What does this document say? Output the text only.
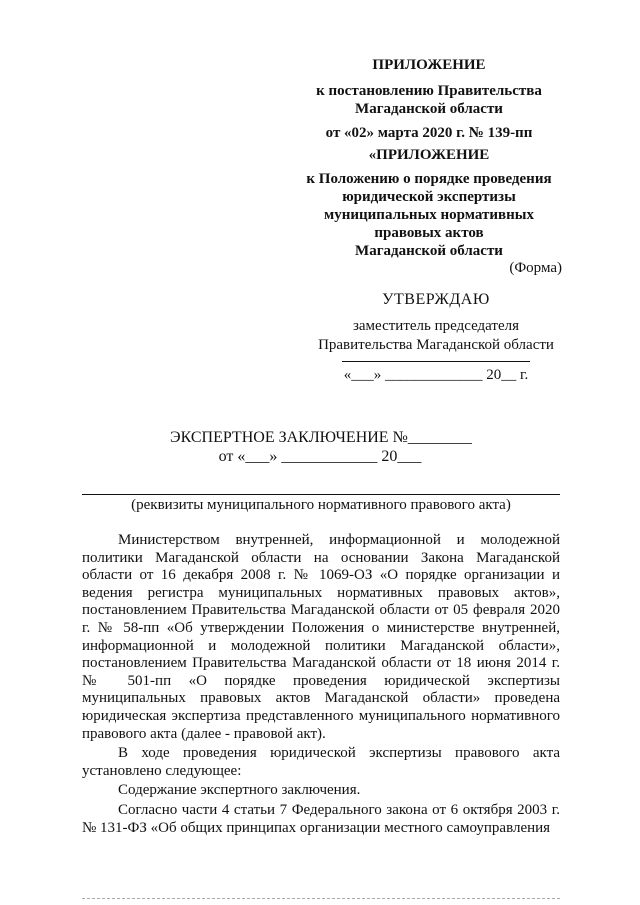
ПРИЛОЖЕНИЕ
к постановлению Правительства
Магаданской области
от «02» марта 2020 г. № 139-пп
«ПРИЛОЖЕНИЕ
к Положению о порядке проведения
юридической экспертизы
муниципальных нормативных
правовых актов
Магаданской области
(Форма)
УТВЕРЖДАЮ
заместитель председателя
Правительства Магаданской области
«___» _____________ 20__ г.
ЭКСПЕРТНОЕ ЗАКЛЮЧЕНИЕ №________
от «___» ____________ 20___
(реквизиты муниципального нормативного правового акта)

Министерством внутренней, информационной и молодежной политики Магаданской области на основании Закона Магаданской области от 16 декабря 2008 г. № 1069-ОЗ «О порядке организации и ведения регистра муниципальных нормативных правовых актов», постановлением Правительства Магаданской области от 05 февраля 2020 г. № 58-пп «Об утверждении Положения о министерстве внутренней, информационной и молодежной политики Магаданской области», постановлением Правительства Магаданской области от 18 июня 2014 г. № 501-пп «О порядке проведения юридической экспертизы муниципальных правовых актов Магаданской области» проведена юридическая экспертиза представленного муниципального нормативного правового акта (далее - правовой акт).

В ходе проведения юридической экспертизы правового акта установлено следующее:

Содержание экспертного заключения.

Согласно части 4 статьи 7 Федерального закона от 6 октября 2003 г. № 131-ФЗ «Об общих принципах организации местного самоуправления
